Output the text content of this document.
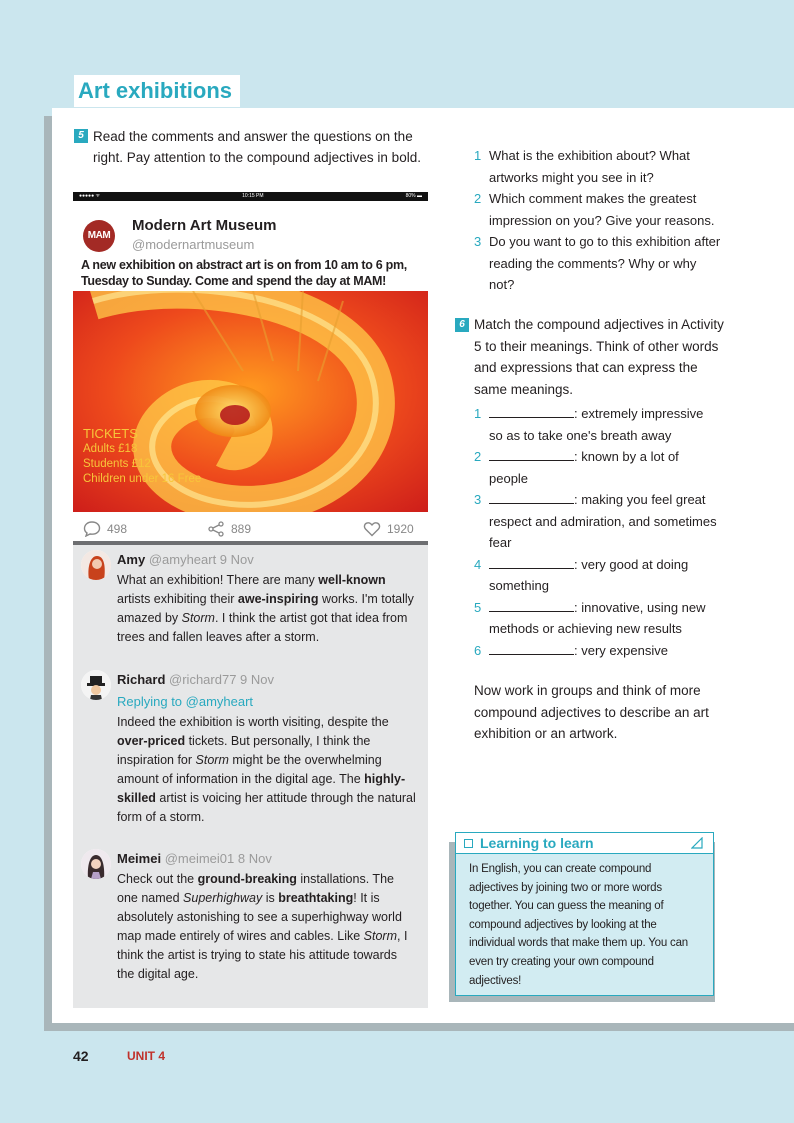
Art exhibitions
5 Read the comments and answer the questions on the right. Pay attention to the compound adjectives in bold.
●●●●● ᯤ	10:15 PM	80% ▬
MAM
Modern Art Museum
@modernartmuseum
A new exhibition on abstract art is on from 10 am to 6 pm, Tuesday to Sunday. Come and spend the day at MAM!
TICKETS
Adults £18
Students £12
Children under 16 Free
498	889	1920
Amy @amyheart 9 Nov
What an exhibition! There are many well-known artists exhibiting their awe-inspiring works. I'm totally amazed by Storm. I think the artist got that idea from trees and fallen leaves after a storm.
Richard @richard77 9 Nov
Replying to @amyheart
Indeed the exhibition is worth visiting, despite the over-priced tickets. But personally, I think the inspiration for Storm might be the overwhelming amount of information in the digital age. The highly-skilled artist is voicing her attitude through the natural form of a storm.
Meimei @meimei01 8 Nov
Check out the ground-breaking installations. The one named Superhighway is breathtaking! It is absolutely astonishing to see a superhighway world map made entirely of wires and cables. Like Storm, I think the artist is trying to state his attitude towards the digital age.
1 What is the exhibition about? What artworks might you see in it?
2 Which comment makes the greatest impression on you? Give your reasons.
3 Do you want to go to this exhibition after reading the comments? Why or why not?
6 Match the compound adjectives in Activity 5 to their meanings. Think of other words and expressions that can express the same meanings.
1	: extremely impressive so as to take one's breath away
2	: known by a lot of people
3	: making you feel great respect and admiration, and sometimes fear
4	: very good at doing something
5	: innovative, using new methods or achieving new results
6	: very expensive
Now work in groups and think of more compound adjectives to describe an art exhibition or an artwork.
Learning to learn
In English, you can create compound adjectives by joining two or more words together. You can guess the meaning of compound adjectives by looking at the individual words that make them up. You can even try creating your own compound adjectives!
42	UNIT 4
